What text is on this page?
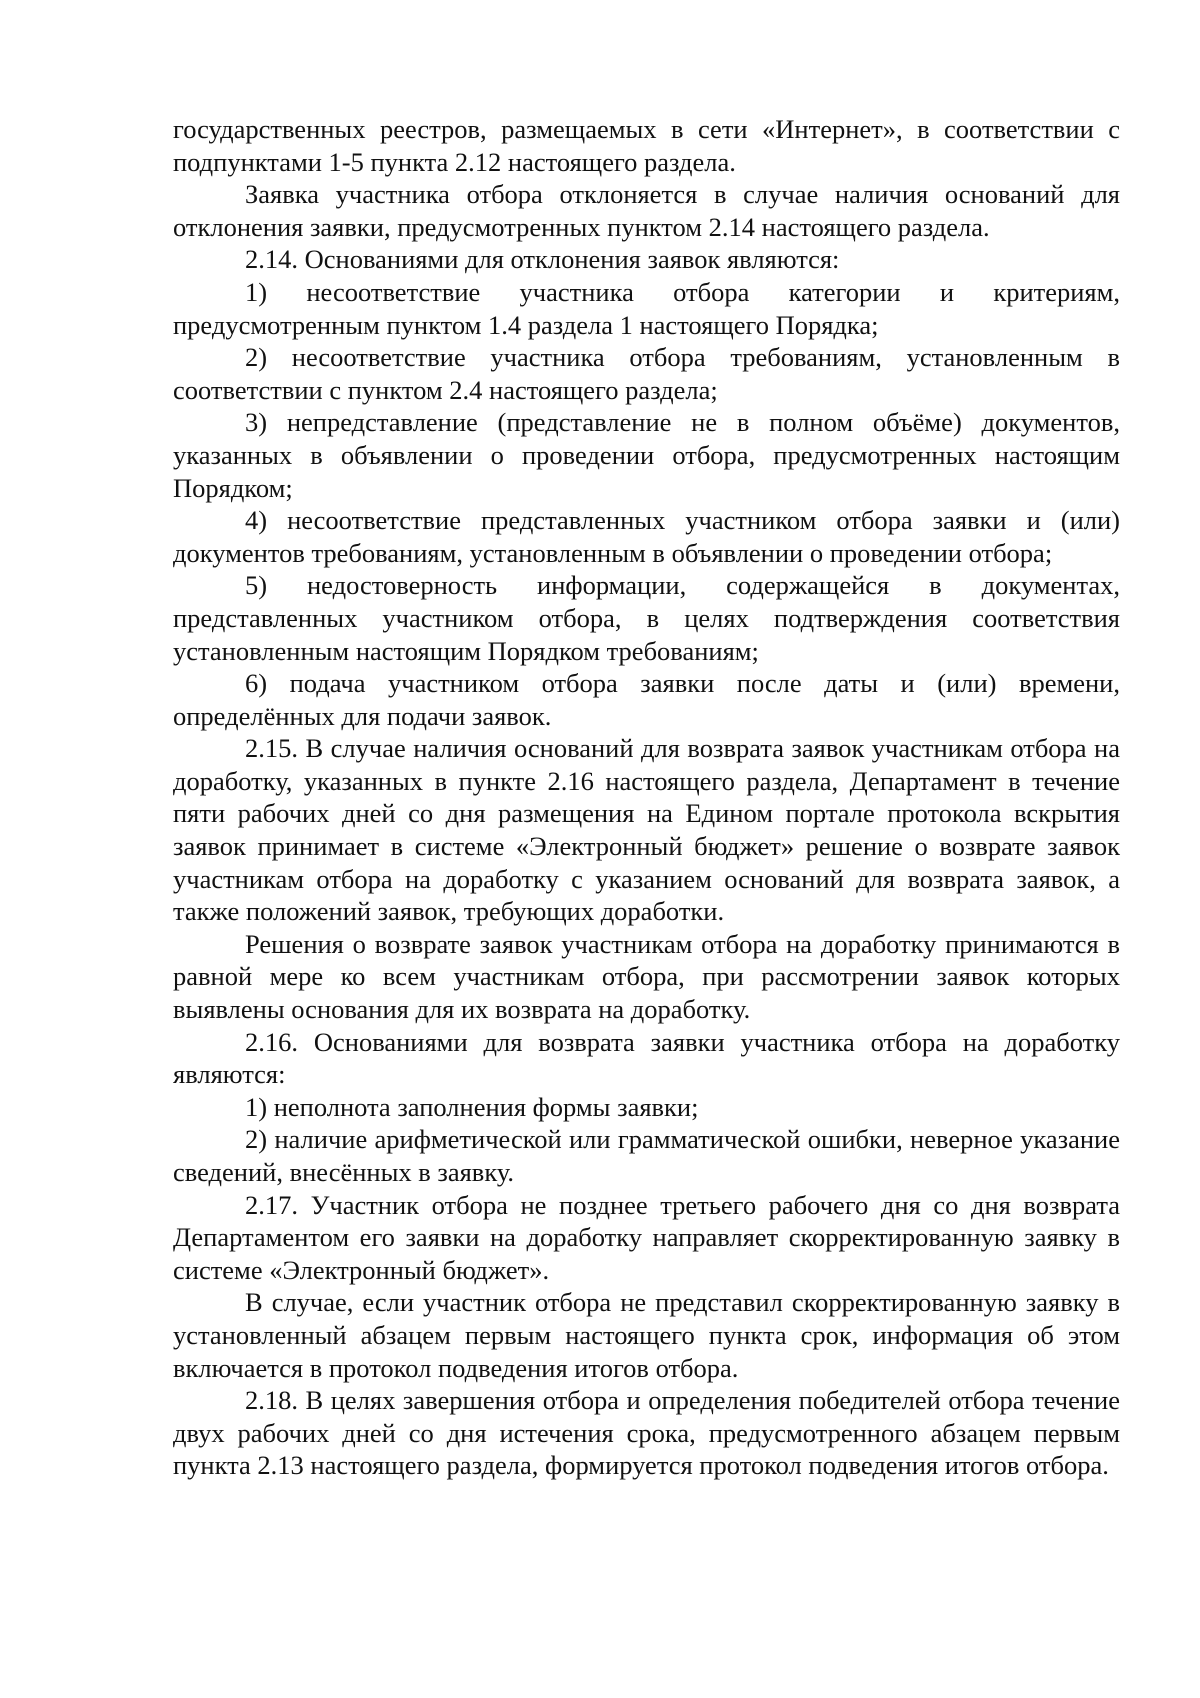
государственных реестров, размещаемых в сети «Интернет», в соответствии с подпунктами 1-5 пункта 2.12 настоящего раздела.

Заявка участника отбора отклоняется в случае наличия оснований для отклонения заявки, предусмотренных пунктом 2.14 настоящего раздела.

2.14. Основаниями для отклонения заявок являются:

1) несоответствие участника отбора категории и критериям, предусмотренным пунктом 1.4 раздела 1 настоящего Порядка;

2) несоответствие участника отбора требованиям, установленным в соответствии с пунктом 2.4 настоящего раздела;

3) непредставление (представление не в полном объёме) документов, указанных в объявлении о проведении отбора, предусмотренных настоящим Порядком;

4) несоответствие представленных участником отбора заявки и (или) документов требованиям, установленным в объявлении о проведении отбора;

5) недостоверность информации, содержащейся в документах, представленных участником отбора, в целях подтверждения соответствия установленным настоящим Порядком требованиям;

6) подача участником отбора заявки после даты и (или) времени, определённых для подачи заявок.

2.15. В случае наличия оснований для возврата заявок участникам отбора на доработку, указанных в пункте 2.16 настоящего раздела, Департамент в течение пяти рабочих дней со дня размещения на Едином портале протокола вскрытия заявок принимает в системе «Электронный бюджет» решение о возврате заявок участникам отбора на доработку с указанием оснований для возврата заявок, а также положений заявок, требующих доработки.

Решения о возврате заявок участникам отбора на доработку принимаются в равной мере ко всем участникам отбора, при рассмотрении заявок которых выявлены основания для их возврата на доработку.

2.16. Основаниями для возврата заявки участника отбора на доработку являются:

1) неполнота заполнения формы заявки;

2) наличие арифметической или грамматической ошибки, неверное указание сведений, внесённых в заявку.

2.17. Участник отбора не позднее третьего рабочего дня со дня возврата Департаментом его заявки на доработку направляет скорректированную заявку в системе «Электронный бюджет».

В случае, если участник отбора не представил скорректированную заявку в установленный абзацем первым настоящего пункта срок, информация об этом включается в протокол подведения итогов отбора.

2.18. В целях завершения отбора и определения победителей отбора течение двух рабочих дней со дня истечения срока, предусмотренного абзацем первым пункта 2.13 настоящего раздела, формируется протокол подведения итогов отбора.
